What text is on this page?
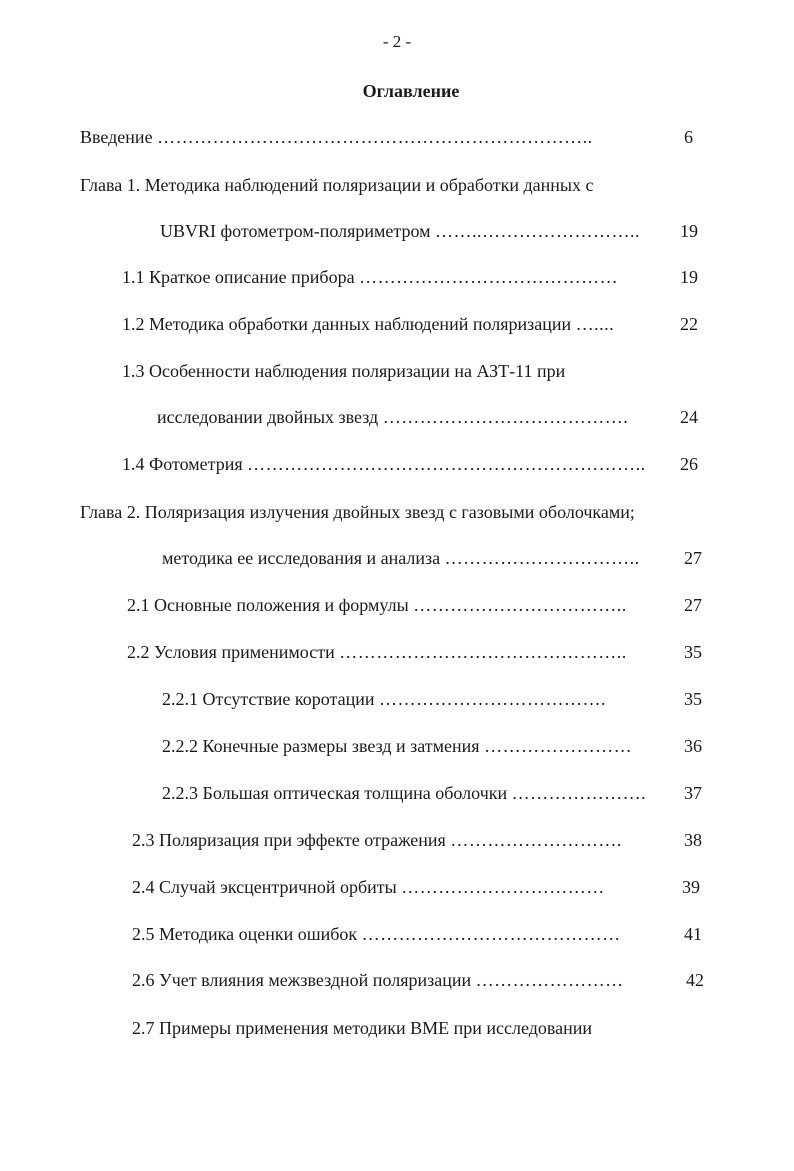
- 2 -
Оглавление
Введение ……………………………………………………………..	6
Глава 1. Методика наблюдений поляризации и обработки данных с
UBVRI фотометром-поляриметром ……..…………………….. 19
1.1 Краткое описание прибора ……………………………………	19
1.2 Методика обработки данных наблюдений поляризации …....	22
1.3 Особенности наблюдения поляризации на АЗТ-11 при
исследовании двойных звезд ………………………………….	24
1.4 Фотометрия ……………………………………………………….. 26
Глава 2. Поляризация излучения двойных звезд с газовыми оболочками;
методика ее исследования и анализа ………………………….. 27
2.1 Основные положения и формулы ……………………………..	27
2.2 Условия применимости ………………………………………..	35
2.2.1 Отсутствие коротации ……………………………….	35
2.2.2 Конечные размеры звезд и затмения ……………………	36
2.2.3 Большая оптическая толщина оболочки …………………. 37
2.3 Поляризация при эффекте отражения ……………………….	38
2.4 Случай эксцентричной орбиты ……………………………	39
2.5 Методика оценки ошибок ……………………………………	41
2.6 Учет влияния межзвездной поляризации ……………………	42
2.7 Примеры применения методики ВМЕ при исследовании
